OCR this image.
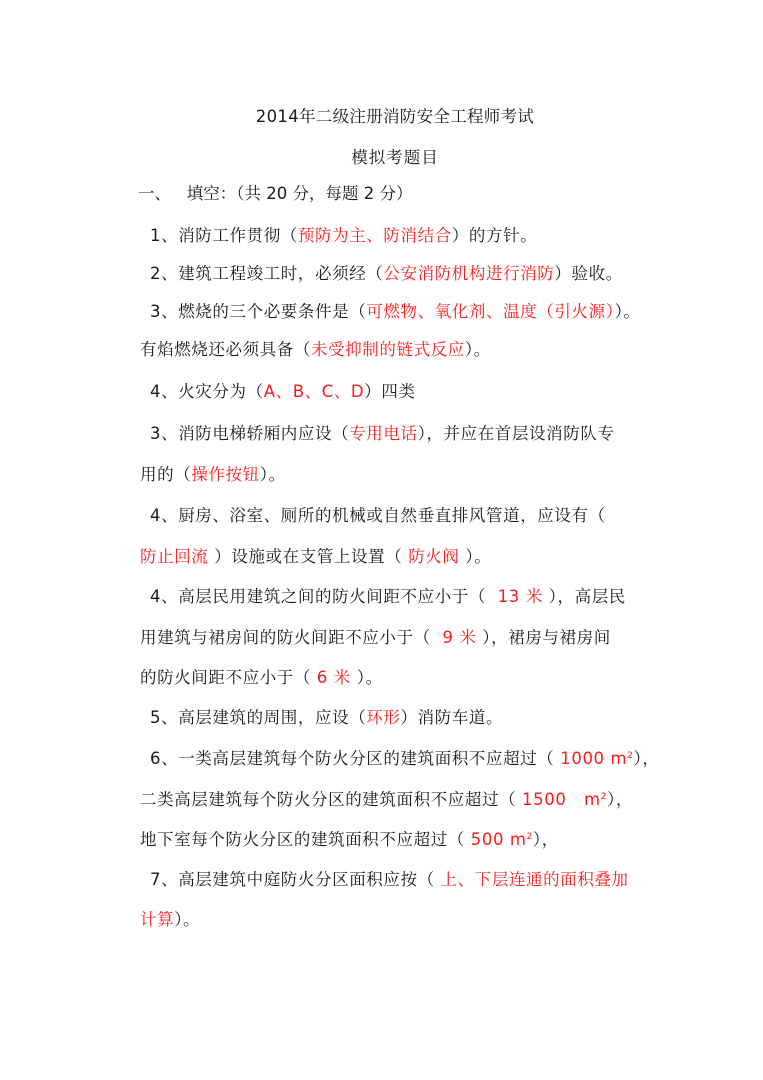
2014年二级注册消防安全工程师考试
模拟考题目
一、   填空：（共 20 分，每题 2 分）
1、消防工作贯彻（预防为主、防消结合）的方针。
2、建筑工程竣工时，必须经（公安消防机构进行消防）验收。
3、燃烧的三个必要条件是（可燃物、氧化剂、温度（引火源））。
有焰燃烧还必须具备（未受抑制的链式反应）。
4、火灾分为（A、B、C、D）四类
3、消防电梯轿厢内应设（专用电话），并应在首层设消防队专
用的（操作按钮）。
4、厨房、浴室、厕所的机械或自然垂直排风管道，应设有（
防止回流 ）设施或在支管上设置（ 防火阀 ）。
4、高层民用建筑之间的防火间距不应小于（  13 米 ），高层民
用建筑与裙房间的防火间距不应小于（  9 米 ），裙房与裙房间
的防火间距不应小于（ 6 米 ）。
5、高层建筑的周围，应设（环形）消防车道。
6、一类高层建筑每个防火分区的建筑面积不应超过（ 1000 $m^2$），
二类高层建筑每个防火分区的建筑面积不应超过（ 1500   $m^2$），
地下室每个防火分区的建筑面积不应超过（ 500 $m^2$），
7、高层建筑中庭防火分区面积应按（ 上、下层连通的面积叠加
计算）。
